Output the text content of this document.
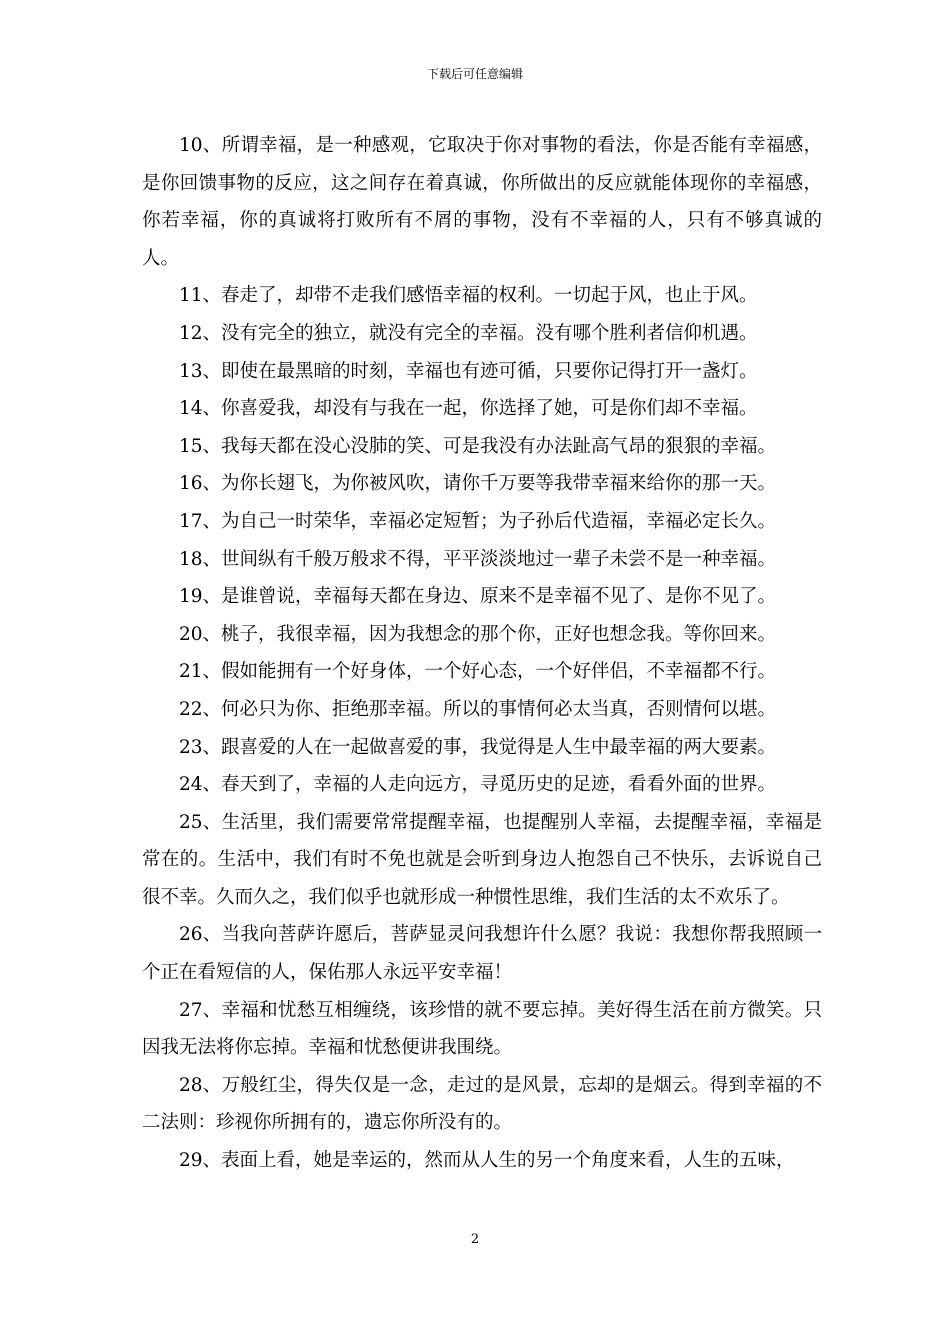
下载后可任意编辑

10、所谓幸福，是一种感观，它取决于你对事物的看法，你是否能有幸福感，是你回馈事物的反应，这之间存在着真诚，你所做出的反应就能体现你的幸福感，你若幸福，你的真诚将打败所有不屑的事物，没有不幸福的人，只有不够真诚的人。

11、春走了，却带不走我们感悟幸福的权利。一切起于风，也止于风。

12、没有完全的独立，就没有完全的幸福。没有哪个胜利者信仰机遇。

13、即使在最黑暗的时刻，幸福也有迹可循，只要你记得打开一盏灯。

14、你喜爱我，却没有与我在一起，你选择了她，可是你们却不幸福。

15、我每天都在没心没肺的笑、可是我没有办法趾高气昂的狠狠的幸福。

16、为你长翅飞，为你被风吹，请你千万要等我带幸福来给你的那一天。

17、为自己一时荣华，幸福必定短暂；为子孙后代造福，幸福必定长久。

18、世间纵有千般万般求不得，平平淡淡地过一辈子未尝不是一种幸福。

19、是谁曾说，幸福每天都在身边、原来不是幸福不见了、是你不见了。

20、桃子，我很幸福，因为我想念的那个你，正好也想念我。等你回来。

21、假如能拥有一个好身体，一个好心态，一个好伴侣，不幸福都不行。

22、何必只为你、拒绝那幸福。所以的事情何必太当真，否则情何以堪。

23、跟喜爱的人在一起做喜爱的事，我觉得是人生中最幸福的两大要素。

24、春天到了，幸福的人走向远方，寻觅历史的足迹，看看外面的世界。

25、生活里，我们需要常常提醒幸福，也提醒别人幸福，去提醒幸福，幸福是常在的。生活中，我们有时不免也就是会听到身边人抱怨自己不快乐，去诉说自己很不幸。久而久之，我们似乎也就形成一种惯性思维，我们生活的太不欢乐了。

26、当我向菩萨许愿后，菩萨显灵问我想许什么愿？我说：我想你帮我照顾一个正在看短信的人，保佑那人永远平安幸福！

27、幸福和忧愁互相缠绕，该珍惜的就不要忘掉。美好得生活在前方微笑。只因我无法将你忘掉。幸福和忧愁便讲我围绕。

28、万般红尘，得失仅是一念，走过的是风景，忘却的是烟云。得到幸福的不二法则：珍视你所拥有的，遗忘你所没有的。

29、表面上看，她是幸运的，然而从人生的另一个角度来看，人生的五味，

2
